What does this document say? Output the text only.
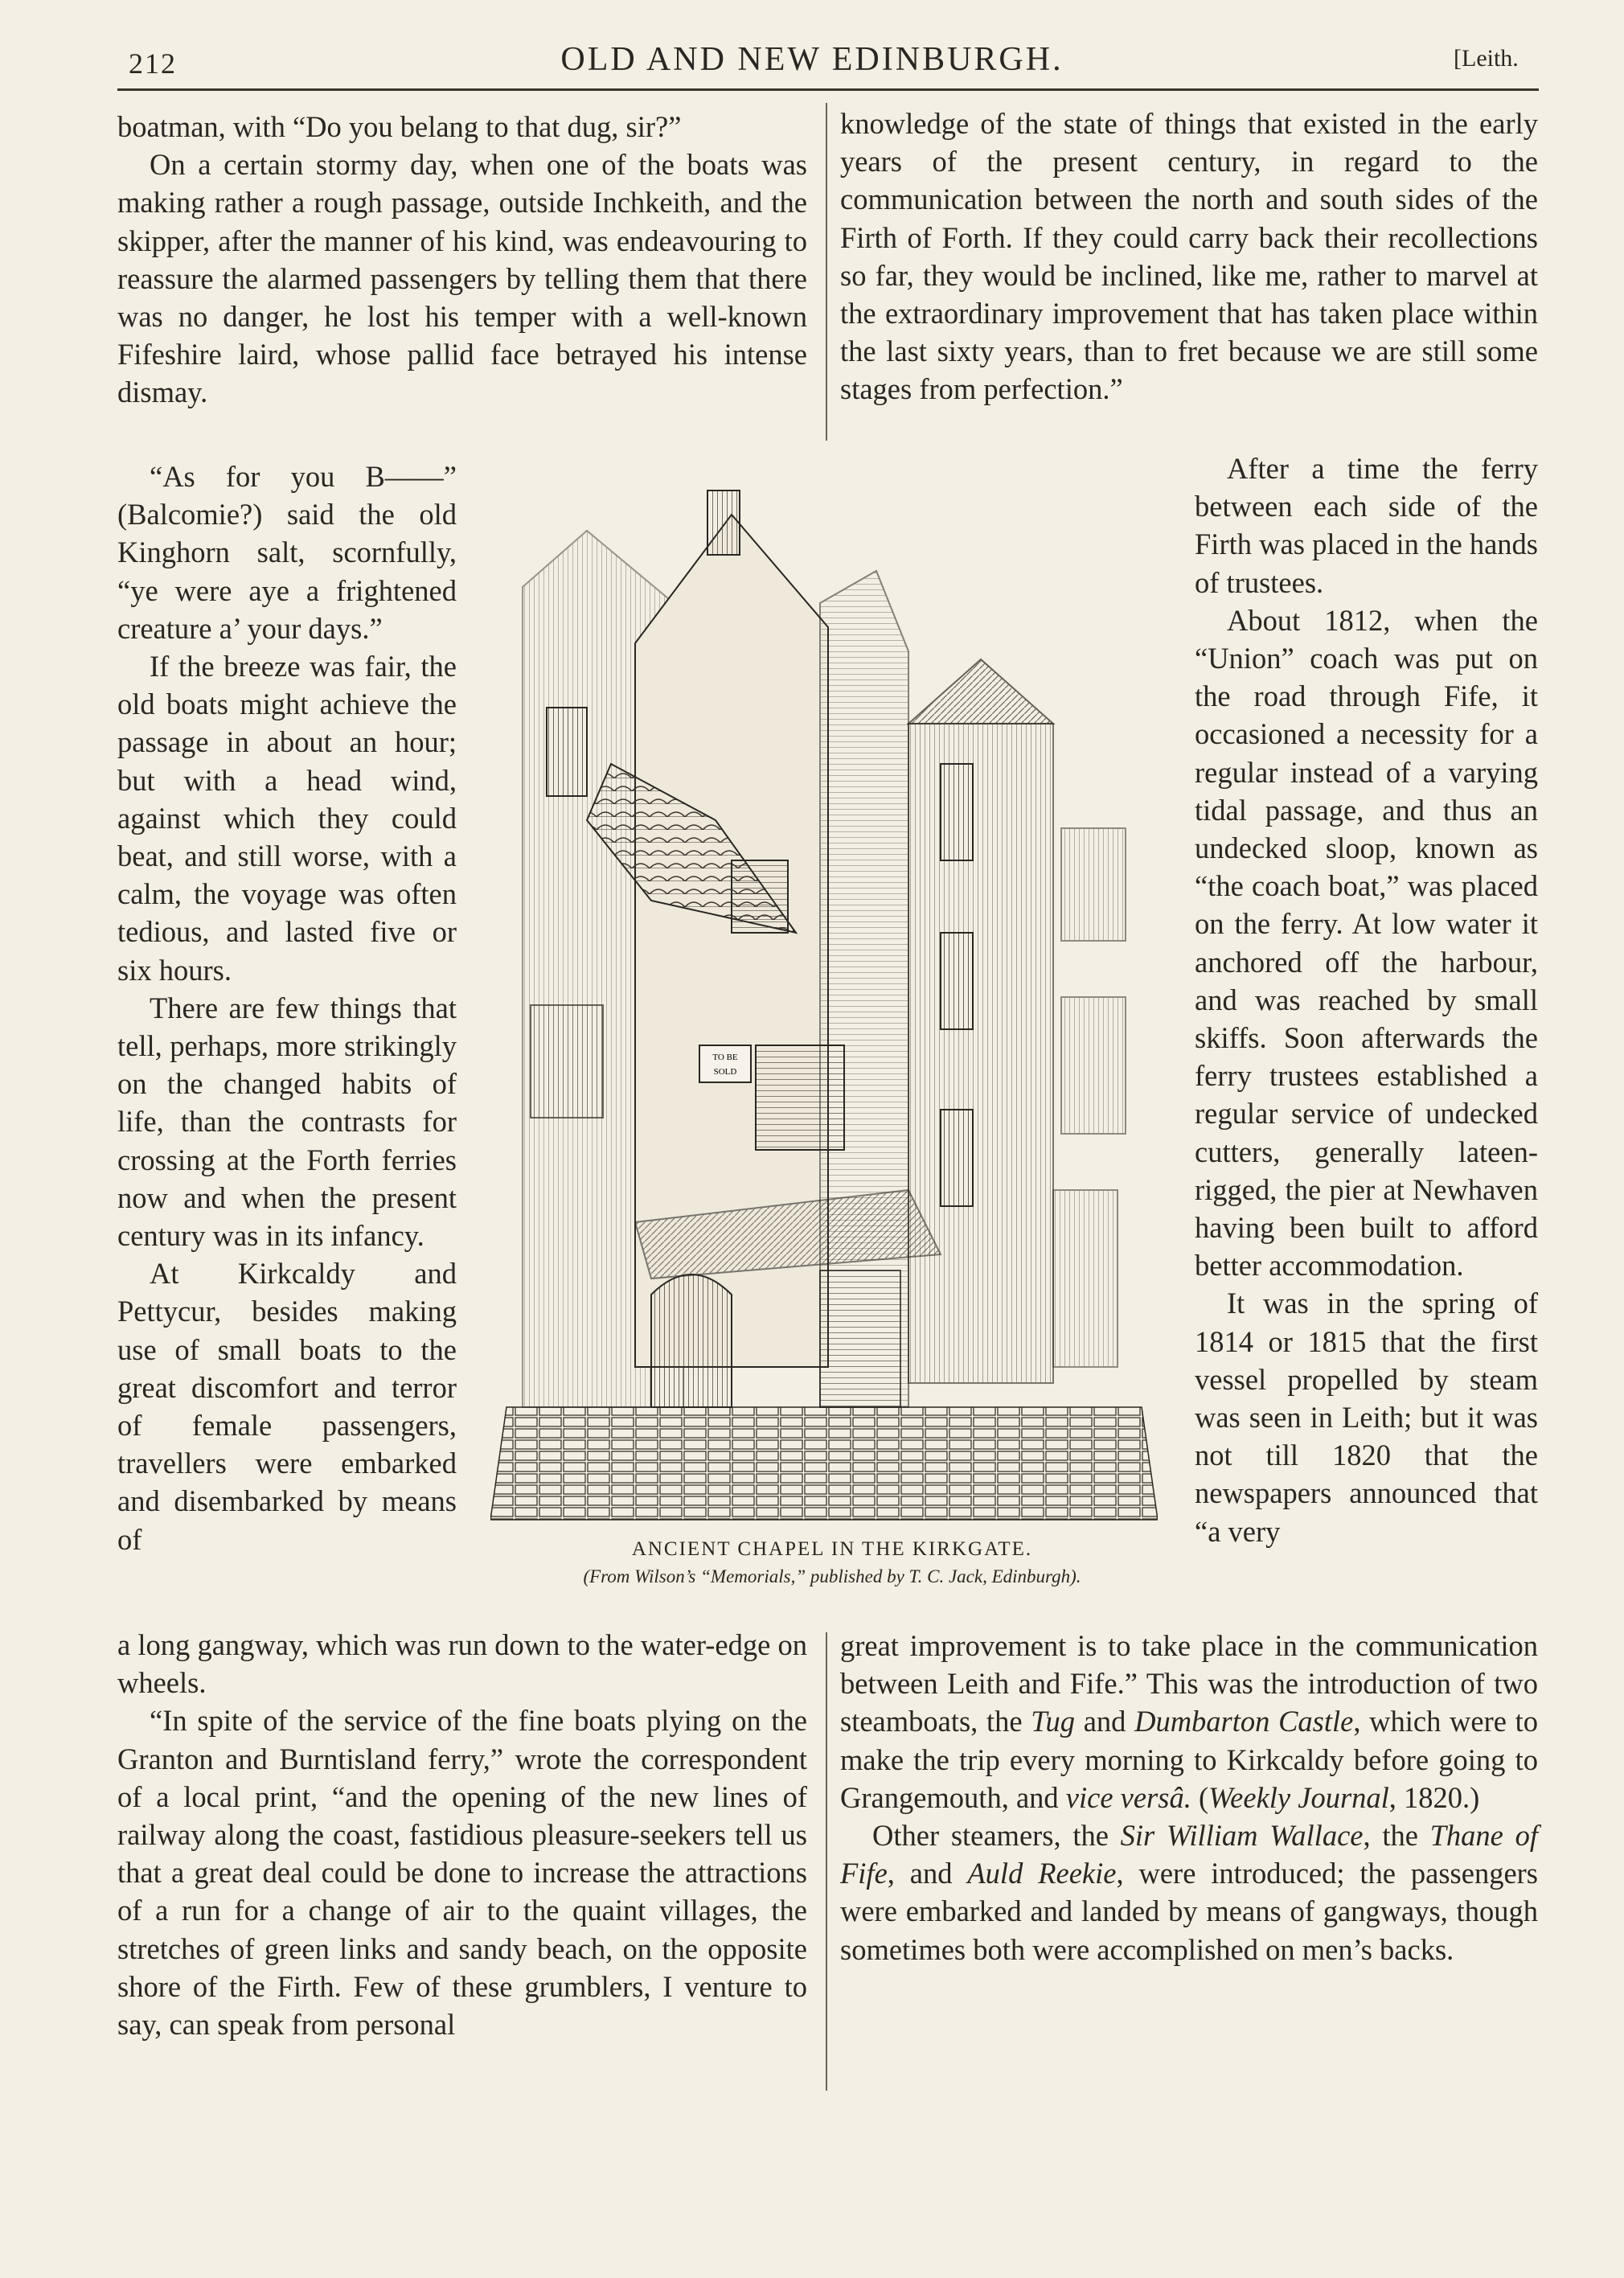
212	OLD AND NEW EDINBURGH.	[Leith.

boatman, with “Do you belang to that dug, sir?”

On a certain stormy day, when one of the boats was making rather a rough passage, outside Inchkeith, and the skipper, after the manner of his kind, was endeavouring to reassure the alarmed passengers by telling them that there was no danger, he lost his temper with a well-known Fifeshire laird, whose pallid face betrayed his intense dismay.

“As for you B——” (Balcomie?) said the old Kinghorn salt, scornfully, “ye were aye a frightened creature a’ your days.”

If the breeze was fair, the old boats might achieve the passage in about an hour; but with a head wind, against which they could beat, and still worse, with a calm, the voyage was often tedious, and lasted five or six hours.

There are few things that tell, perhaps, more strikingly on the changed habits of life, than the contrasts for crossing at the Forth ferries now and when the present century was in its infancy.

At Kirkcaldy and Pettycur, besides making use of small boats to the great discomfort and terror of female passengers, travellers were embarked and disembarked by means of

a long gangway, which was run down to the water-edge on wheels.

“In spite of the service of the fine boats plying on the Granton and Burntisland ferry,” wrote the correspondent of a local print, “and the opening of the new lines of railway along the coast, fastidious pleasure-seekers tell us that a great deal could be done to increase the attractions of a run for a change of air to the quaint villages, the stretches of green links and sandy beach, on the opposite shore of the Firth. Few of these grumblers, I venture to say, can speak from personal

knowledge of the state of things that existed in the early years of the present century, in regard to the communication between the north and south sides of the Firth of Forth. If they could carry back their recollections so far, they would be inclined, like me, rather to marvel at the extraordinary improvement that has taken place within the last sixty years, than to fret because we are still some stages from perfection.”

After a time the ferry between each side of the Firth was placed in the hands of trustees.

About 1812, when the “Union” coach was put on the road through Fife, it occasioned a necessity for a regular instead of a varying tidal passage, and thus an undecked sloop, known as “the coach boat,” was placed on the ferry. At low water it anchored off the harbour, and was reached by small skiffs. Soon afterwards the ferry trustees established a regular service of undecked cutters, generally lateen-rigged, the pier at Newhaven having been built to afford better accommodation.

It was in the spring of 1814 or 1815 that the first vessel propelled by steam was seen in Leith; but it was not till 1820 that the newspapers announced that “a very

great improvement is to take place in the communication between Leith and Fife.” This was the introduction of two steamboats, the Tug and Dumbarton Castle, which were to make the trip every morning to Kirkcaldy before going to Grangemouth, and vice versâ. (Weekly Journal, 1820.)

Other steamers, the Sir William Wallace, the Thane of Fife, and Auld Reekie, were introduced; the passengers were embarked and landed by means of gangways, though sometimes both were accomplished on men’s backs.

TO BE
SOLD
ANCIENT CHAPEL IN THE KIRKGATE.
(From Wilson’s “Memorials,” published by T. C. Jack, Edinburgh).
